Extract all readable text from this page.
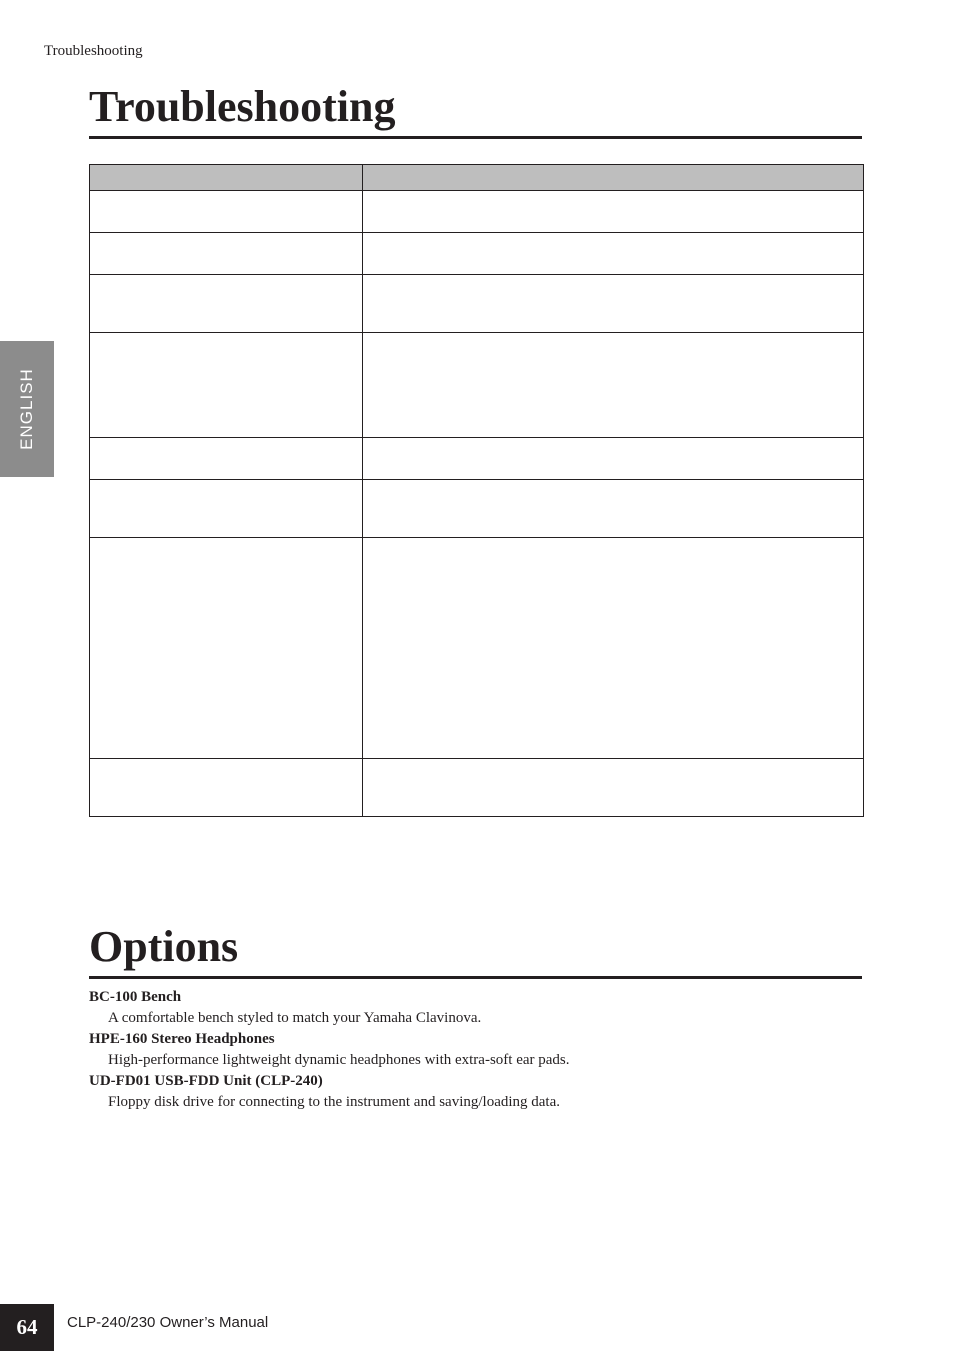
Troubleshooting
ENGLISH
Troubleshooting

Options
BC-100 Bench
A comfortable bench styled to match your Yamaha Clavinova.
HPE-160 Stereo Headphones
High-performance lightweight dynamic headphones with extra-soft ear pads.
UD-FD01 USB-FDD Unit (CLP-240)
Floppy disk drive for connecting to the instrument and saving/loading data.
64	CLP-240/230 Owner’s Manual
